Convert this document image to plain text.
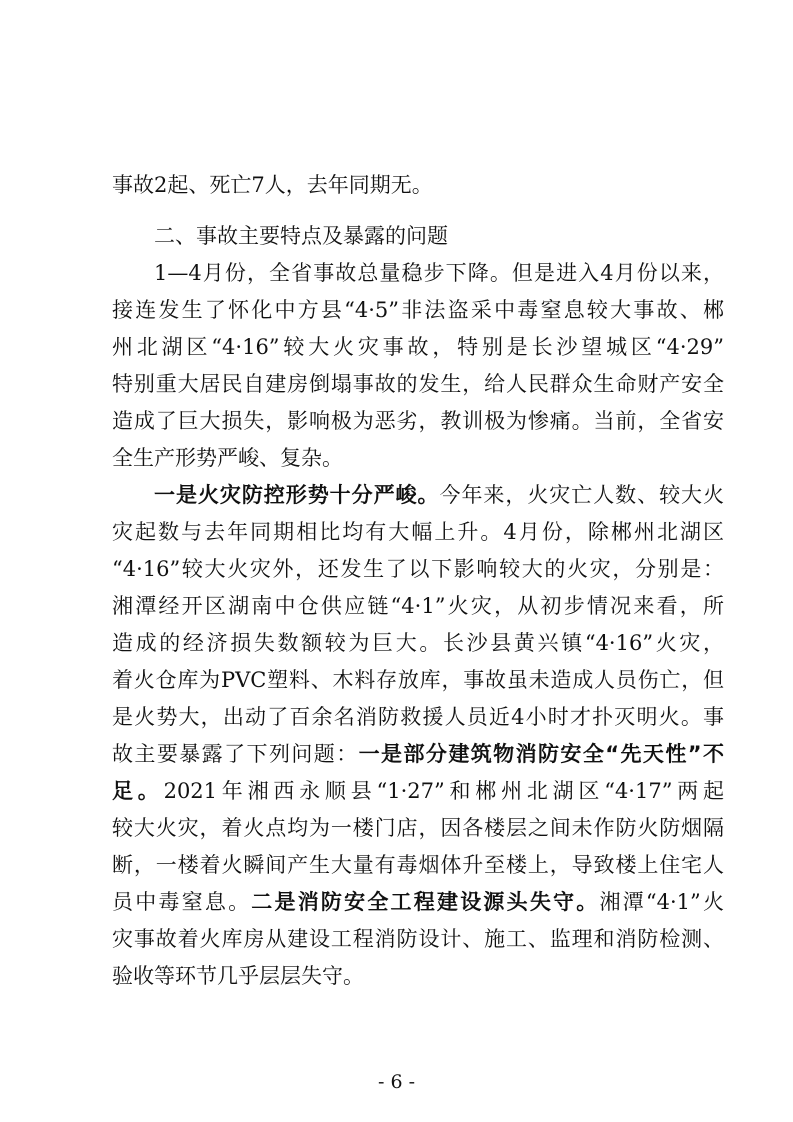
事故2起、死亡7人，去年同期无。
二、事故主要特点及暴露的问题
1—4月份，全省事故总量稳步下降。但是进入4月份以来，
接连发生了怀化中方县“4·5”非法盗采中毒窒息较大事故、郴
州北湖区“4·16”较大火灾事故，特别是长沙望城区“4·29”
特别重大居民自建房倒塌事故的发生，给人民群众生命财产安全
造成了巨大损失，影响极为恶劣，教训极为惨痛。当前，全省安
全生产形势严峻、复杂。
一是火灾防控形势十分严峻。今年来，火灾亡人数、较大火
灾起数与去年同期相比均有大幅上升。4月份，除郴州北湖区
“4·16”较大火灾外，还发生了以下影响较大的火灾，分别是：
湘潭经开区湖南中仓供应链“4·1”火灾，从初步情况来看，所
造成的经济损失数额较为巨大。长沙县黄兴镇“4·16”火灾，
着火仓库为PVC塑料、木料存放库，事故虽未造成人员伤亡，但
是火势大，出动了百余名消防救援人员近4小时才扑灭明火。事
故主要暴露了下列问题：一是部分建筑物消防安全“先天性”不
足。2021年湘西永顺县“1·27”和郴州北湖区“4·17”两起
较大火灾，着火点均为一楼门店，因各楼层之间未作防火防烟隔
断，一楼着火瞬间产生大量有毒烟体升至楼上，导致楼上住宅人
员中毒窒息。二是消防安全工程建设源头失守。湘潭“4·1”火
灾事故着火库房从建设工程消防设计、施工、监理和消防检测、
验收等环节几乎层层失守。
- 6 -
